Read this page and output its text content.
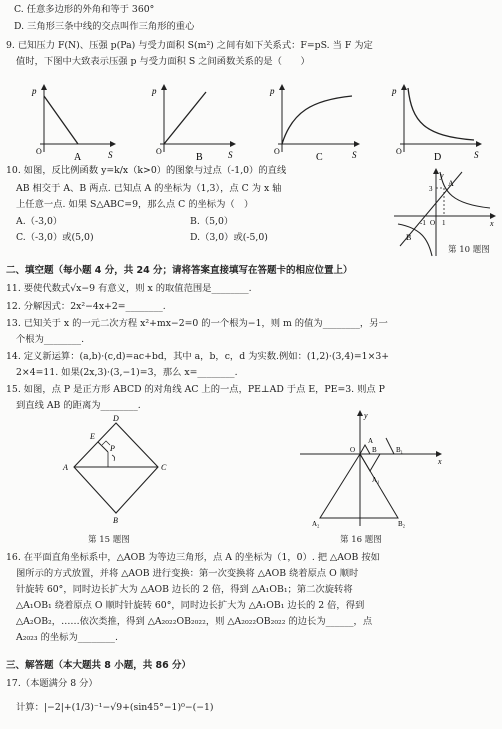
C. 任意多边形的外角和等于 360°
D. 三角形三条中线的交点叫作三角形的重心
9. 已知压力 F(N)、压强 p(Pa) 与受力面积 S(m²) 之间有如下关系式：F=pS. 当 F 为定
值时，下图中大致表示压强 p 与受力面积 S 之间函数关系的是（　　）
p
S
O
A
p
S
O
B
p
S
O
C
p
S
O
D
10. 如图，反比例函数 y=k/x（k>0）的图象与过点（-1,0）的直线
AB 相交于 A、B 两点. 已知点 A 的坐标为（1,3），点 C 为 x 轴
上任意一点. 如果 S△ABC=9，那么点 C 的坐标为（　）
A.（-3,0）	B.（5,0）
C.（-3,0）或(5,0)	D.（3,0）或(-5,0)
y
x
A
B
3
1
-1 O
第 10 题图
二、填空题（每小题 4 分，共 24 分；请将答案直接填写在答题卡的相应位置上）
11. 要使代数式√x−9 有意义，则 x 的取值范围是________.
12. 分解因式：2x²−4x+2=________.
13. 已知关于 x 的一元二次方程 x²+mx−2=0 的一个根为−1，则 m 的值为________，另一
个根为________.
14. 定义新运算：(a,b)·(c,d)=ac+bd，其中 a，b，c，d 为实数.例如：(1,2)·(3,4)=1×3+
2×4=11. 如果(2x,3)·(3,−1)=3，那么 x=________.
15. 如图，点 P 是正方形 ABCD 的对角线 AC 上的一点，PE⊥AD 于点 E，PE=3. 则点 P
到直线 AB 的距离为________.
D
E
P
A	C
B
第 15 题图
y
x
O
A
B	B₁
A₁
A₂	B₂
第 16 题图
16. 在平面直角坐标系中，△AOB 为等边三角形，点 A 的坐标为（1，0）. 把 △AOB 按如
图所示的方式放置，并将 △AOB 进行变换：第一次变换将 △AOB 绕着原点 O 顺时
针旋转 60°，同时边长扩大为 △AOB 边长的 2 倍，得到 △A₁OB₁；第二次旋转将
△A₁OB₁ 绕着原点 O 顺时针旋转 60°，同时边长扩大为 △A₁OB₁ 边长的 2 倍，得到
△A₂OB₂，……依次类推，得到 △A₂₀₂₂OB₂₀₂₂，则 △A₂₀₂₂OB₂₀₂₂ 的边长为______，点
A₂₀₂₃ 的坐标为________.
三、解答题（本大题共 8 小题，共 86 分）
17.（本题满分 8 分）
计算：|−2|+(1/3)⁻¹−√9+(sin45°−1)⁰−(−1)
